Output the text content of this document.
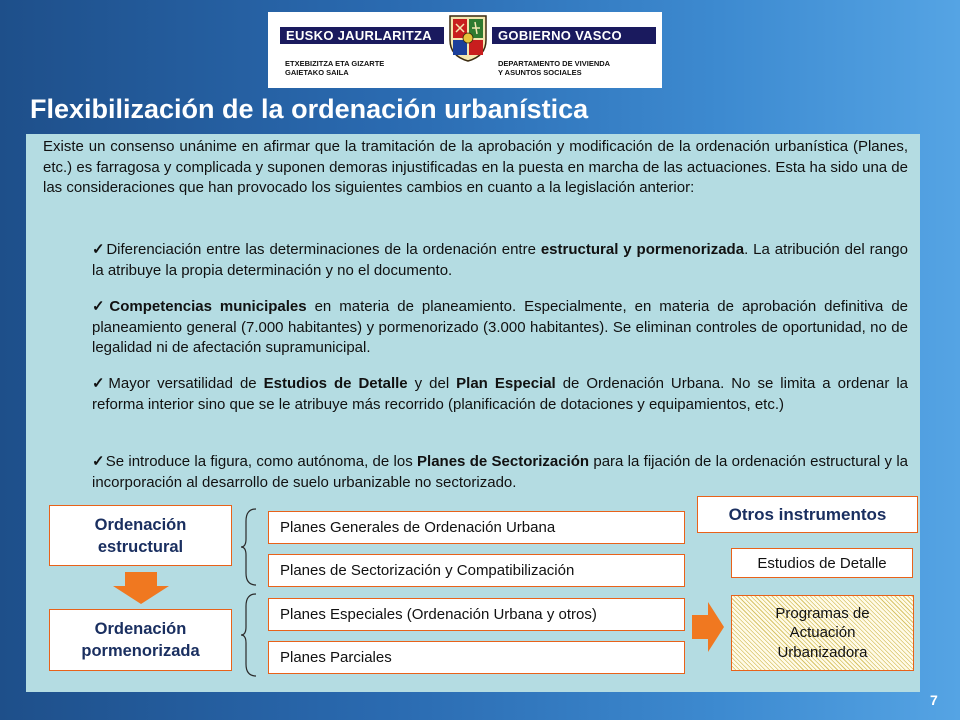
EUSKO JAURLARITZA	GOBIERNO VASCO
ETXEBIZITZA ETA GIZARTE
GAIETAKO SAILA
DEPARTAMENTO DE VIVIENDA
Y ASUNTOS SOCIALES
Flexibilización de la ordenación urbanística

Existe un consenso unánime en afirmar que la tramitación de la aprobación y modificación de la ordenación urbanística (Planes, etc.) es farragosa y complicada y suponen demoras injustificadas en la puesta en marcha de las actuaciones. Esta ha sido una de las consideraciones que han provocado los siguientes cambios en cuanto a la legislación anterior:

✓Diferenciación entre las determinaciones de la ordenación entre estructural y pormenorizada. La atribución del rango la atribuye la propia determinación y no el documento.

✓Competencias municipales en materia de planeamiento. Especialmente, en materia de aprobación definitiva de planeamiento general (7.000 habitantes) y pormenorizado (3.000 habitantes). Se eliminan controles de oportunidad, no de legalidad ni de afectación supramunicipal.

✓Mayor versatilidad de Estudios de Detalle y del Plan Especial de Ordenación Urbana. No se limita a ordenar la reforma interior sino que se le atribuye más recorrido (planificación de dotaciones y equipamientos, etc.)

✓Se introduce la figura, como autónoma, de los Planes de Sectorización para la fijación de la ordenación estructural y la incorporación al desarrollo de suelo urbanizable no sectorizado.

Ordenación
estructural
Ordenación
pormenorizada
Planes Generales de Ordenación Urbana
Planes de Sectorización y Compatibilización
Planes Especiales (Ordenación Urbana y otros)
Planes Parciales
Otros instrumentos
Estudios de Detalle
Programas de
Actuación
Urbanizadora
7
